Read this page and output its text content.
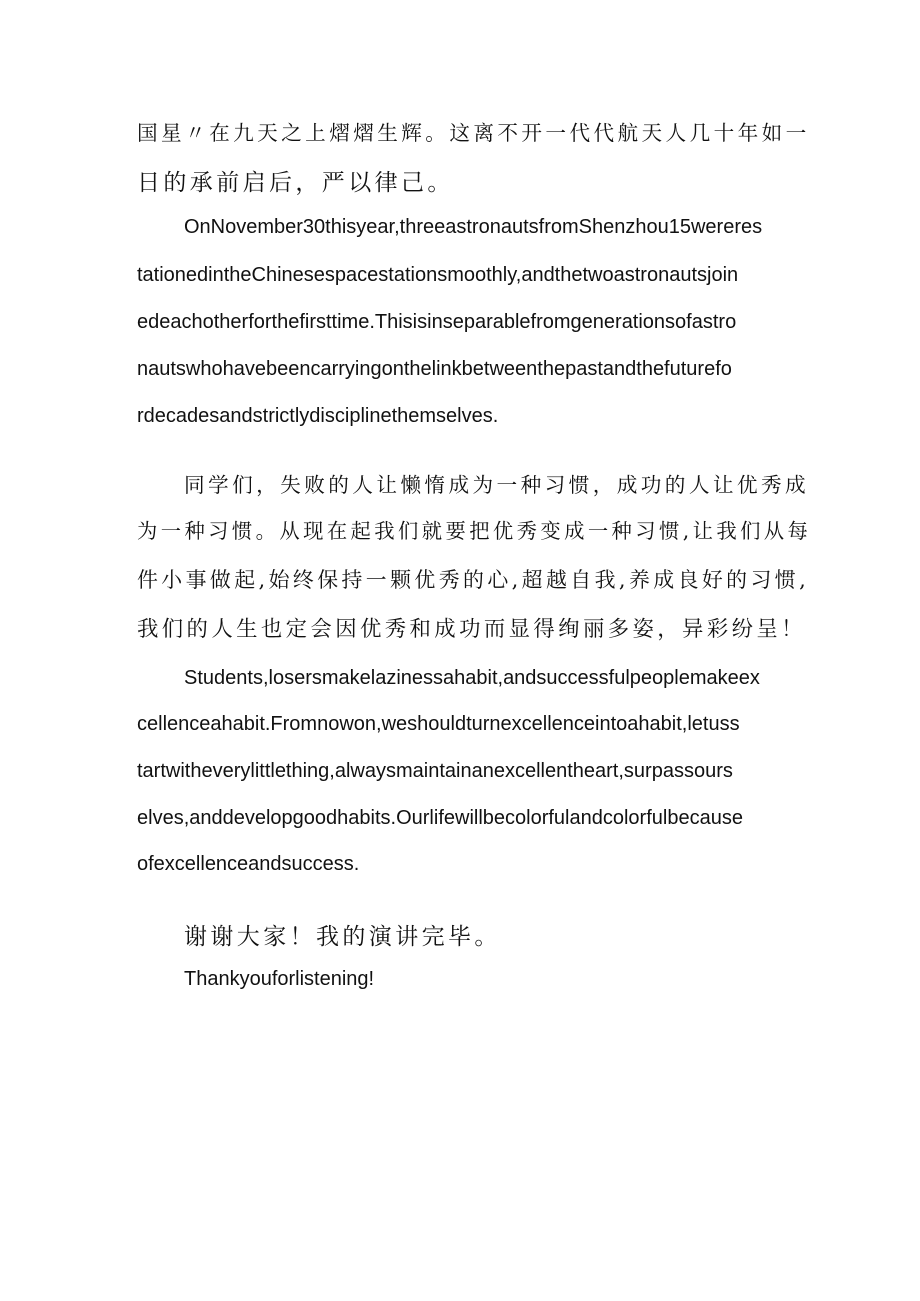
国星〃在九天之上熠熠生辉。这离不开一代代航天人几十年如一
日的承前启后，严以律己。
OnNovember30thisyear,threeastronautsfromShenzhou15wereres
tationedintheChinesespacestationsmoothly,andthetwoastronautsjoin
edeachotherforthefirsttime.Thisisinseparablefromgenerationsofastro
nautswhohavebeencarryingonthelinkbetweenthepastandthefuturefo
rdecadesandstrictlydisciplinethemselves.
同学们，失败的人让懒惰成为一种习惯，成功的人让优秀成
为一种习惯。从现在起我们就要把优秀变成一种习惯,让我们从每
件小事做起,始终保持一颗优秀的心,超越自我,养成良好的习惯,
我们的人生也定会因优秀和成功而显得绚丽多姿，异彩纷呈！
Students,losersmakelazinessahabit,andsuccessfulpeoplemakeex
cellenceahabit.Fromnowon,weshouldturnexcellenceintoahabit,letuss
tartwitheverylittlething,alwaysmaintainanexcellentheart,surpassours
elves,anddevelopgoodhabits.Ourlifewillbecolorfulandcolorfulbecause
ofexcellenceandsuccess.
谢谢大家！我的演讲完毕。
Thankyouforlistening!
